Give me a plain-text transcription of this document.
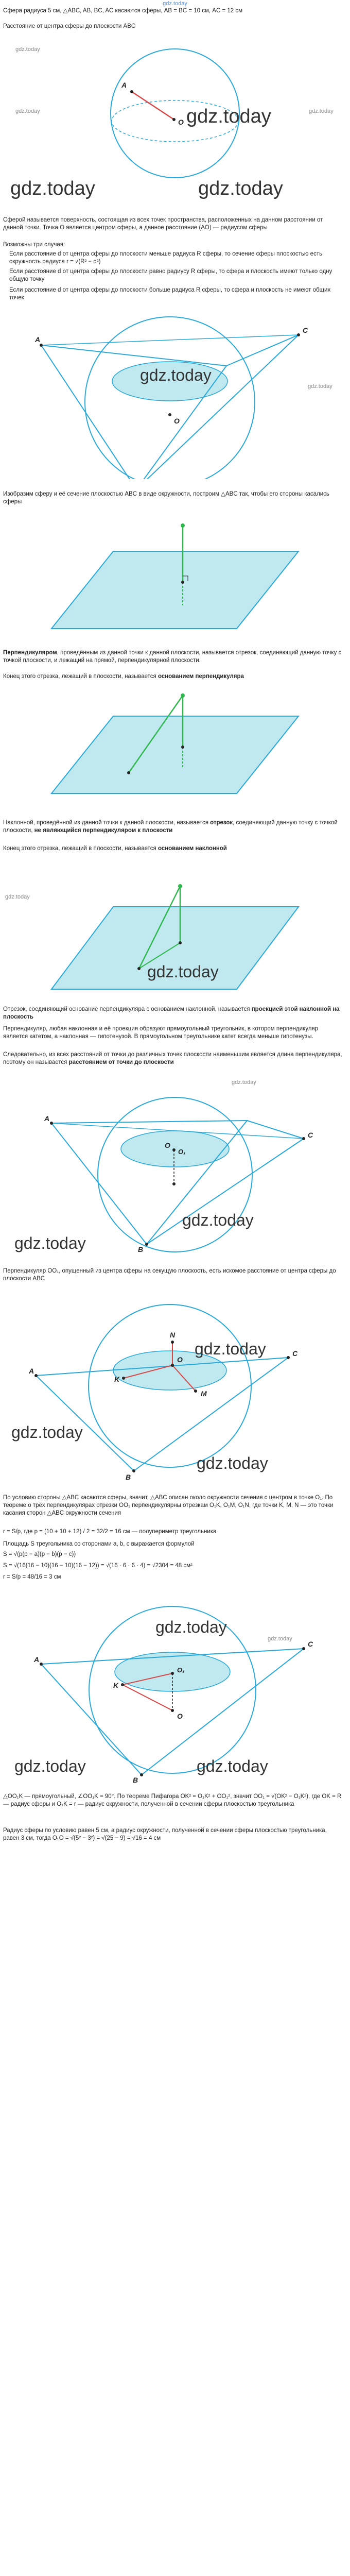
gdz.today
Сфера радиуса 5 см, △ABC, AB, BC, AC касаются сферы, AB = BC = 10 см, AC = 12 см
Расстояние от центра сферы до плоскости ABC
A
O
gdz.today
gdz.today	gdz.today
gdz.today
gdz.today	gdz.today
Сферой называется поверхность, состоящая из всех точек пространства, расположенных на данном расстоянии от данной точки. Точка O является центром сферы, а данное расстояние (AO) — радиусом сферы
Возможны три случая:
Если расстояние d от центра сферы до плоскости меньше радиуса R сферы, то сечение сферы плоскостью есть окружность радиуса r = √(R² − d²)
Если расстояние d от центра сферы до плоскости равно радиусу R сферы, то сфера и плоскость имеют только одну общую точку
Если расстояние d от центра сферы до плоскости больше радиуса R сферы, то сфера и плоскость не имеют общих точек
A
C
O
gdz.today
gdz.today
Изобразим сферу и её сечение плоскостью ABC в виде окружности, построим △ABC так, чтобы его стороны касались сферы
Перпендикуляром, проведённым из данной точки к данной плоскости, называется отрезок, соединяющий данную точку с точкой плоскости, и лежащий на прямой, перпендикулярной плоскости.
Конец этого отрезка, лежащий в плоскости, называется основанием перпендикуляра
Наклонной, проведённой из данной точки к данной плоскости, называется отрезок, соединяющий данную точку с точкой плоскости, не являющийся перпендикуляром к плоскости
Конец этого отрезка, лежащий в плоскости, называется основанием наклонной
gdz.today
gdz.today
Отрезок, соединяющий основание перпендикуляра с основанием наклонной, называется проекцией этой наклонной на плоскость
Перпендикуляр, любая наклонная и её проекция образуют прямоугольный треугольник, в котором перпендикуляр является катетом, а наклонная — гипотенузой. В прямоугольном треугольнике катет всегда меньше гипотенузы.
Следовательно, из всех расстояний от точки до различных точек плоскости наименьшим является длина перпендикуляра, поэтому он называется расстоянием от точки до плоскости
A
C
B
O
O₁
gdz.today
gdz.today
gdz.today
Перпендикуляр OO₁, опущенный из центра сферы на секущую плоскость, есть искомое расстояние от центра сферы до плоскости ABC
A
C
B
O
K
M
N
gdz.today
gdz.today
gdz.today
По условию стороны △ABC касаются сферы, значит, △ABC описан около окружности сечения с центром в точке O₁. По теореме о трёх перпендикулярах отрезки OO₁ перпендикулярны отрезкам O₁K, O₁M, O₁N, где точки K, M, N — это точки касания сторон △ABC окружности сечения
r = S/p, где p = (10 + 10 + 12) / 2 = 32/2 = 16 см — полупериметр треугольника
Площадь S треугольника со сторонами a, b, c выражается формулой
S = √(p(p − a)(p − b)(p − c))
S = √(16(16 − 10)(16 − 10)(16 − 12)) = √(16 · 6 · 6 · 4) = √2304 = 48 см²
r = S/p = 48/16 = 3 см
A
C
B
O
O₁
K
gdz.today
gdz.today
gdz.today	gdz.today
△OO₁K — прямоугольный, ∠OO₁K = 90°. По теореме Пифагора OK² = O₁K² + OO₁², значит OO₁ = √(OK² − O₁K²), где OK = R — радиус сферы и O₁K = r — радиус окружности, полученной в сечении сферы плоскостью треугольника
Радиус сферы по условию равен 5 см, а радиус окружности, полученной в сечении сферы плоскостью треугольника, равен 3 см, тогда O₁O = √(5² − 3²) = √(25 − 9) = √16 = 4 см
